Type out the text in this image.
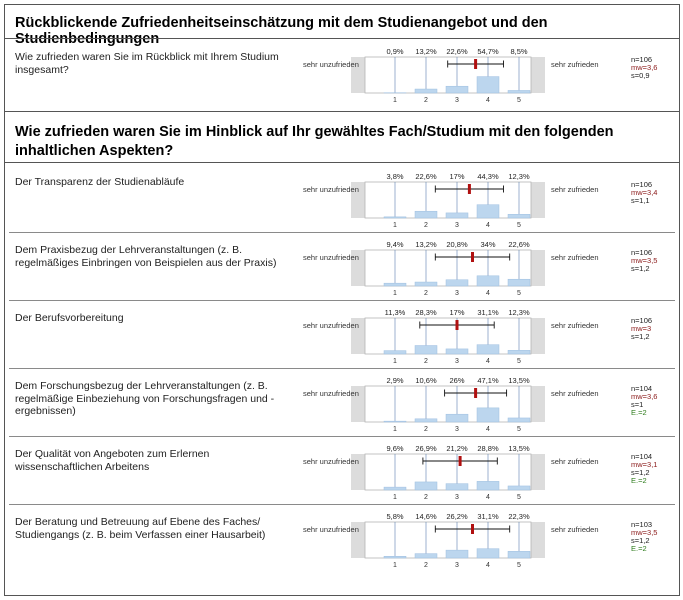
Rückblickende Zufriedenheitseinschätzung mit dem Studienangebot und den Studienbedingungen
Wie zufrieden waren Sie im Hinblick auf Ihr gewähltes Fach/Studium mit den folgenden inhaltlichen Aspekten?
Wie zufrieden waren Sie im Rückblick mit Ihrem Studium insgesamt?	sehr unzufrieden	sehr zufrieden
0,9% 13,2% 22,6% 54,7% 8,5%
1	2	3	4	5
n=106
mw=3,6
s=0,9
Der Transparenz der Studienabläufe
sehr unzufrieden	sehr zufrieden
3,8% 22,6% 17% 44,3% 12,3%
1	2	3	4	5
n=106
mw=3,4
s=1,1
Dem Praxisbezug der Lehrveranstaltungen (z. B. regelmäßiges Einbringen von Beispielen aus der Praxis)	sehr unzufrieden	sehr zufrieden
9,4% 13,2% 20,8% 34% 22,6%
1	2	3	4	5
n=106
mw=3,5
s=1,2
Der Berufsvorbereitung
sehr unzufrieden	sehr zufrieden
11,3% 28,3% 17% 31,1% 12,3%
1	2	3	4	5
n=106
mw=3
s=1,2
Dem Forschungsbezug der Lehrveranstaltungen (z. B. regelmäßige Einbeziehung von Forschungsfragen und -ergebnissen)
sehr unzufrieden	sehr zufrieden
2,9% 10,6% 26% 47,1% 13,5%
1	2	3	4	5
n=104
mw=3,6
s=1
E.=2
Der Qualität von Angeboten zum Erlernen wissenschaftlichen Arbeitens	sehr unzufrieden	sehr zufrieden
9,6% 26,9% 21,2% 28,8% 13,5%
1	2	3	4	5
n=104
mw=3,1
s=1,2
E.=2
Der Beratung und Betreuung auf Ebene des Faches/ Studiengangs (z. B. beim Verfassen einer Hausarbeit)	sehr unzufrieden	sehr zufrieden
5,8% 14,6% 26,2% 31,1% 22,3%
1	2	3	4	5
n=103
mw=3,5
s=1,2
E.=2
